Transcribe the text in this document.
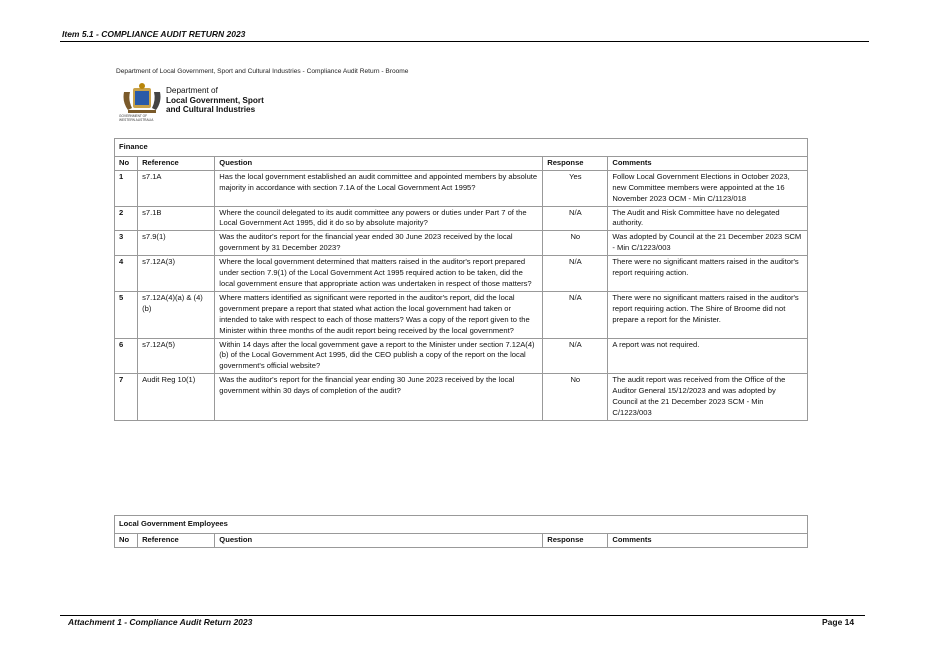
Item 5.1 - COMPLIANCE AUDIT RETURN 2023
Department of Local Government, Sport and Cultural Industries - Compliance Audit Return - Broome
Department of
Local Government, Sport
and Cultural Industries
GOVERNMENT OF
WESTERN AUSTRALIA
Finance				
No	Reference	Question	Response	Comments
1	s7.1A	Has the local government established an audit committee and appointed members by absolute majority in accordance with section 7.1A of the Local Government Act 1995?	Yes	Follow Local Government Elections in October 2023, new Committee members were appointed at the 16 November 2023 OCM - Min C/1123/018
2	s7.1B	Where the council delegated to its audit committee any powers or duties under Part 7 of the Local Government Act 1995, did it do so by absolute majority?	N/A	The Audit and Risk Committee have no delegated authority.
3	s7.9(1)	Was the auditor's report for the financial year ended 30 June 2023 received by the local government by 31 December 2023?	No	Was adopted by Council at the 21 December 2023 SCM - Min C/1223/003
4	s7.12A(3)	Where the local government determined that matters raised in the auditor's report prepared under section 7.9(1) of the Local Government Act 1995 required action to be taken, did the local government ensure that appropriate action was undertaken in respect of those matters?	N/A	There were no significant matters raised in the auditor's report requiring action.
5	s7.12A(4)(a) & (4)(b)	Where matters identified as significant were reported in the auditor's report, did the local government prepare a report that stated what action the local government had taken or intended to take with respect to each of those matters? Was a copy of the report given to the Minister within three months of the audit report being received by the local government?	N/A	There were no significant matters raised in the auditor's report requiring action. The Shire of Broome did not prepare a report for the Minister.
6	s7.12A(5)	Within 14 days after the local government gave a report to the Minister under section 7.12A(4)(b) of the Local Government Act 1995, did the CEO publish a copy of the report on the local government's official website?	N/A	A report was not required.
7	Audit Reg 10(1)	Was the auditor's report for the financial year ending 30 June 2023 received by the local government within 30 days of completion of the audit?	No	The audit report was received from the Office of the Auditor General 15/12/2023 and was adopted by Council at the 21 December 2023 SCM - Min C/1223/003
Local Government Employees
No	Reference	Question	Response	Comments
Attachment 1 - Compliance Audit Return 2023	Page 14
